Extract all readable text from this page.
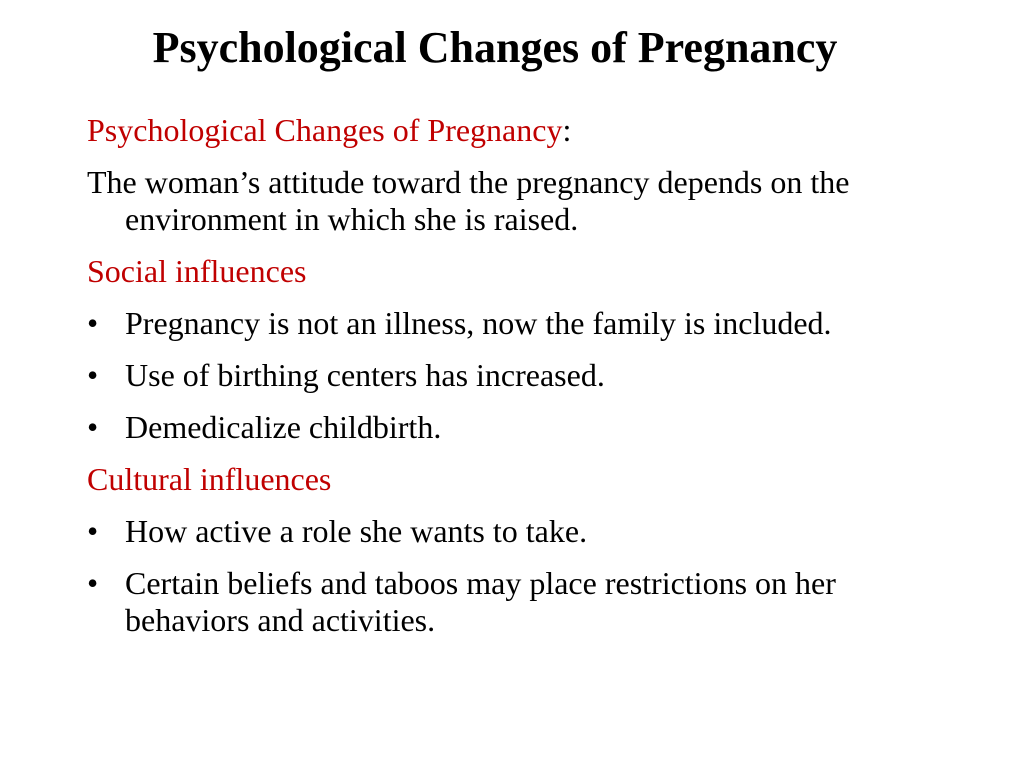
Psychological Changes of Pregnancy

Psychological Changes of Pregnancy:

The woman’s attitude toward the pregnancy depends on the environment in which she is raised.

Social influences

• Pregnancy is not an illness, now the family is included.
• Use of birthing centers has increased.
• Demedicalize childbirth.

Cultural influences

• How active a role she wants to take.
• Certain beliefs and taboos may place restrictions on her behaviors and activities.
